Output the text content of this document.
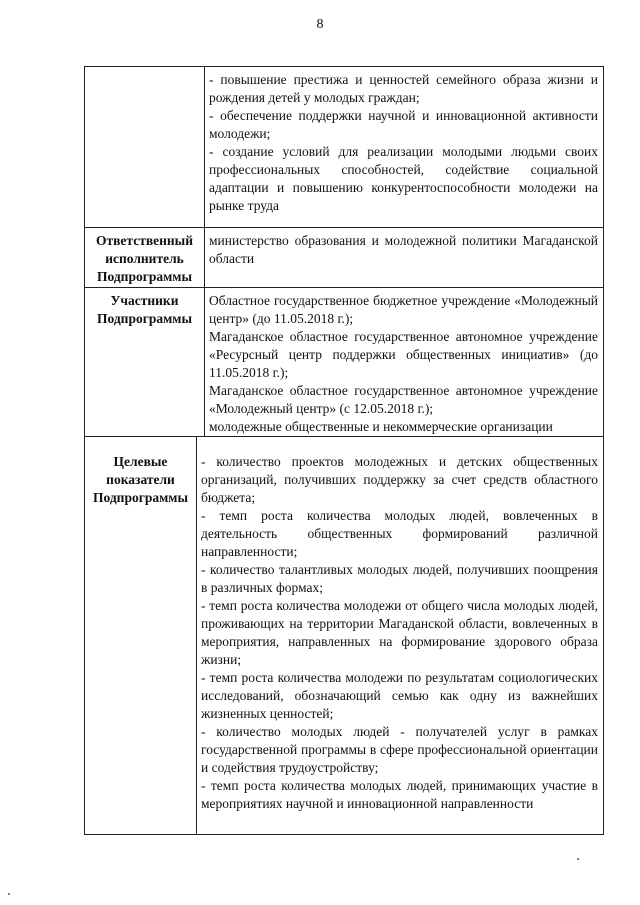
8

- повышение престижа и ценностей семейного образа жизни и рождения детей у молодых граждан;

- обеспечение поддержки научной и инновационной активности молодежи;

- создание условий для реализации молодыми людьми своих профессиональных способностей, содействие социальной адаптации и повышению конкурентоспособности молодежи на рынке труда

Ответственный исполнитель Подпрограммы

министерство образования и молодежной политики Магаданской области

Участники Подпрограммы

Областное государственное бюджетное учреждение «Молодежный центр» (до 11.05.2018 г.);

Магаданское областное государственное автономное учреждение «Ресурсный центр поддержки общественных инициатив» (до 11.05.2018 г.);

Магаданское областное государственное автономное учреждение «Молодежный центр» (с 12.05.2018 г.);

молодежные общественные и некоммерческие организации

Целевые показатели Подпрограммы

- количество проектов молодежных и детских общественных организаций, получивших поддержку за счет средств областного бюджета;

- темп роста количества молодых людей, вовлеченных в деятельность общественных формирований различной направленности;

- количество талантливых молодых людей, получивших поощрения в различных формах;

- темп роста количества молодежи от общего числа молодых людей, проживающих на территории Магаданской области, вовлеченных в мероприятия, направленных на формирование здорового образа жизни;

- темп роста количества молодежи по результатам социологических исследований, обозначающий семью как одну из важнейших жизненных ценностей;

- количество молодых людей - получателей услуг в рамках государственной программы в сфере профессиональной ориентации и содействия трудоустройству;

- темп роста количества молодых людей, принимающих участие в мероприятиях научной и инновационной направленности
